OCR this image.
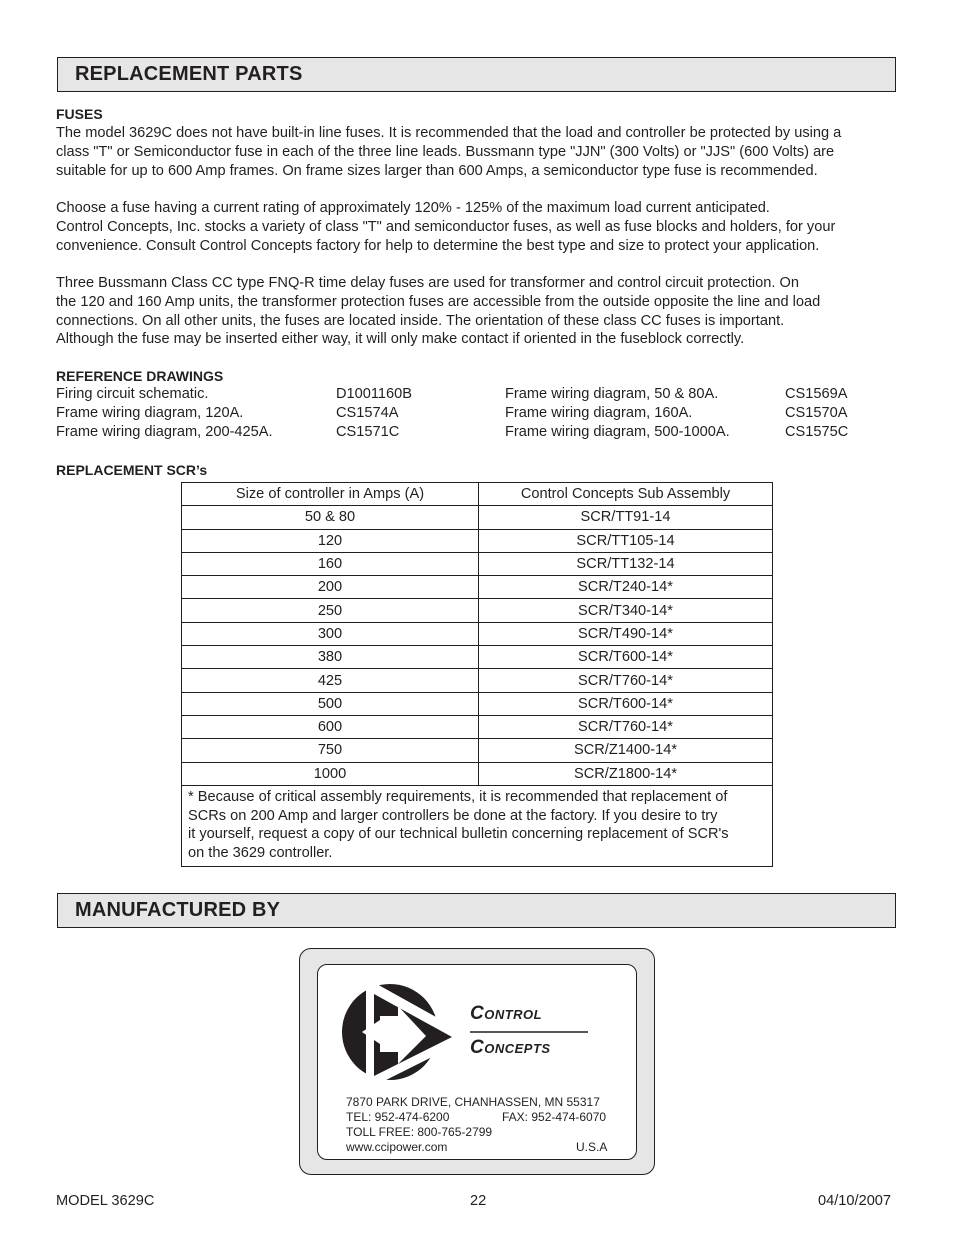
REPLACEMENT PARTS
FUSES
The model 3629C does not have built-in line fuses. It is recommended that the load and controller be protected by using a
class "T" or Semiconductor fuse in each of the three line leads. Bussmann type "JJN" (300 Volts) or "JJS" (600 Volts) are
suitable for up to 600 Amp frames. On frame sizes larger than 600 Amps, a semiconductor type fuse is recommended.
Choose a fuse having a current rating of approximately 120% - 125% of the maximum load current anticipated.
Control Concepts, Inc. stocks a variety of class "T" and semiconductor fuses, as well as fuse blocks and holders, for your
convenience. Consult Control Concepts factory for help to determine the best type and size to protect your application.
Three Bussmann Class CC type FNQ-R time delay fuses are used for transformer and control circuit protection. On
the 120 and 160 Amp units, the transformer protection fuses are accessible from the outside opposite the line and load
connections. On all other units, the fuses are located inside. The orientation of these class CC fuses is important.
Although the fuse may be inserted either way, it will only make contact if oriented in the fuseblock correctly.
REFERENCE DRAWINGS
Firing circuit schematic.	D1001160B	Frame wiring diagram, 50 & 80A.	CS1569A
Frame wiring diagram, 120A.	CS1574A	Frame wiring diagram, 160A.	CS1570A
Frame wiring diagram, 200-425A.	CS1571C	Frame wiring diagram, 500-1000A.	CS1575C
REPLACEMENT SCR’s
Size of controller in Amps (A)	Control Concepts Sub Assembly
50 & 80	SCR/TT91-14
120	SCR/TT105-14
160	SCR/TT132-14
200	SCR/T240-14*
250	SCR/T340-14*
300	SCR/T490-14*
380	SCR/T600-14*
425	SCR/T760-14*
500	SCR/T600-14*
600	SCR/T760-14*
750	SCR/Z1400-14*
1000	SCR/Z1800-14*

* Because of critical assembly requirements, it is recommended that replacement of
SCRs on 200 Amp and larger controllers be done at the factory. If you desire to try
it yourself, request a copy of our technical bulletin concerning replacement of SCR's
on the 3629 controller.	
MANUFACTURED BY
Control
Concepts
7870 PARK DRIVE, CHANHASSEN, MN 55317
TEL: 952-474-6200	FAX: 952-474-6070
TOLL FREE: 800-765-2799
www.ccipower.com	U.S.A
MODEL 3629C	22	04/10/2007
